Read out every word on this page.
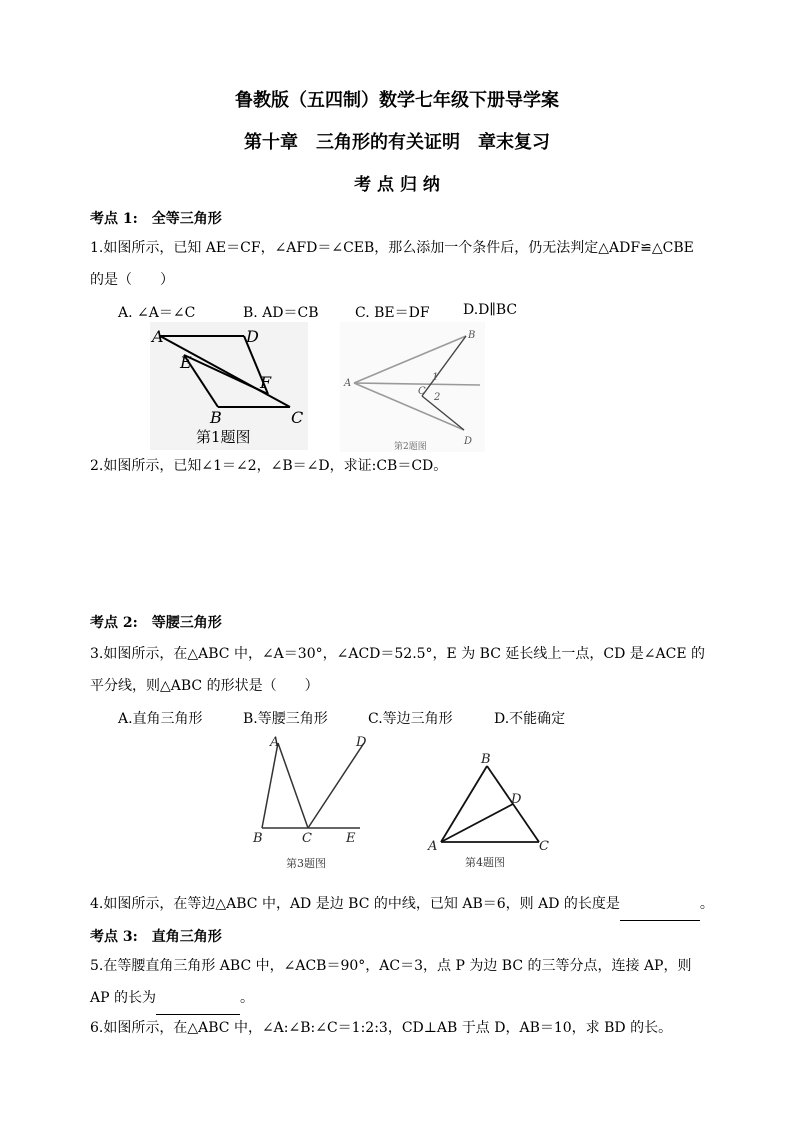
鲁教版（五四制）数学七年级下册导学案
第十章　三角形的有关证明　章末复习
考 点 归 纳
考点 1:　全等三角形
1.如图所示，已知 AE＝CF，∠AFD＝∠CEB，那么添加一个条件后，仍无法判定△ADF≌△CBE 的是（　　）
A. ∠A＝∠C	B. AD＝CB	C. BE＝DF D.D∥BC
A	D
E
F
B	C
第1题图
A
B
C
D
1
2
第2题图
2.如图所示，已知∠1＝∠2，∠B＝∠D，求证:CB＝CD。
考点 2:　等腰三角形
3.如图所示，在△ABC 中，∠A＝30°，∠ACD＝52.5°，E 为 BC 延长线上一点，CD 是∠ACE 的平分线，则△ABC 的形状是（　　）
A.直角三角形	B.等腰三角形	C.等边三角形	D.不能确定
A	D
B	C	E
第3题图
B
D
A	C
第4题图
4.如图所示，在等边△ABC 中，AD 是边 BC 的中线，已知 AB＝6，则 AD 的长度是	。
考点 3:　直角三角形
5.在等腰直角三角形 ABC 中，∠ACB＝90°，AC＝3，点 P 为边 BC 的三等分点，连接 AP，则 AP 的长为	。
6.如图所示，在△ABC 中，∠A:∠B:∠C＝1:2:3，CD⊥AB 于点 D，AB＝10，求 BD 的长。
